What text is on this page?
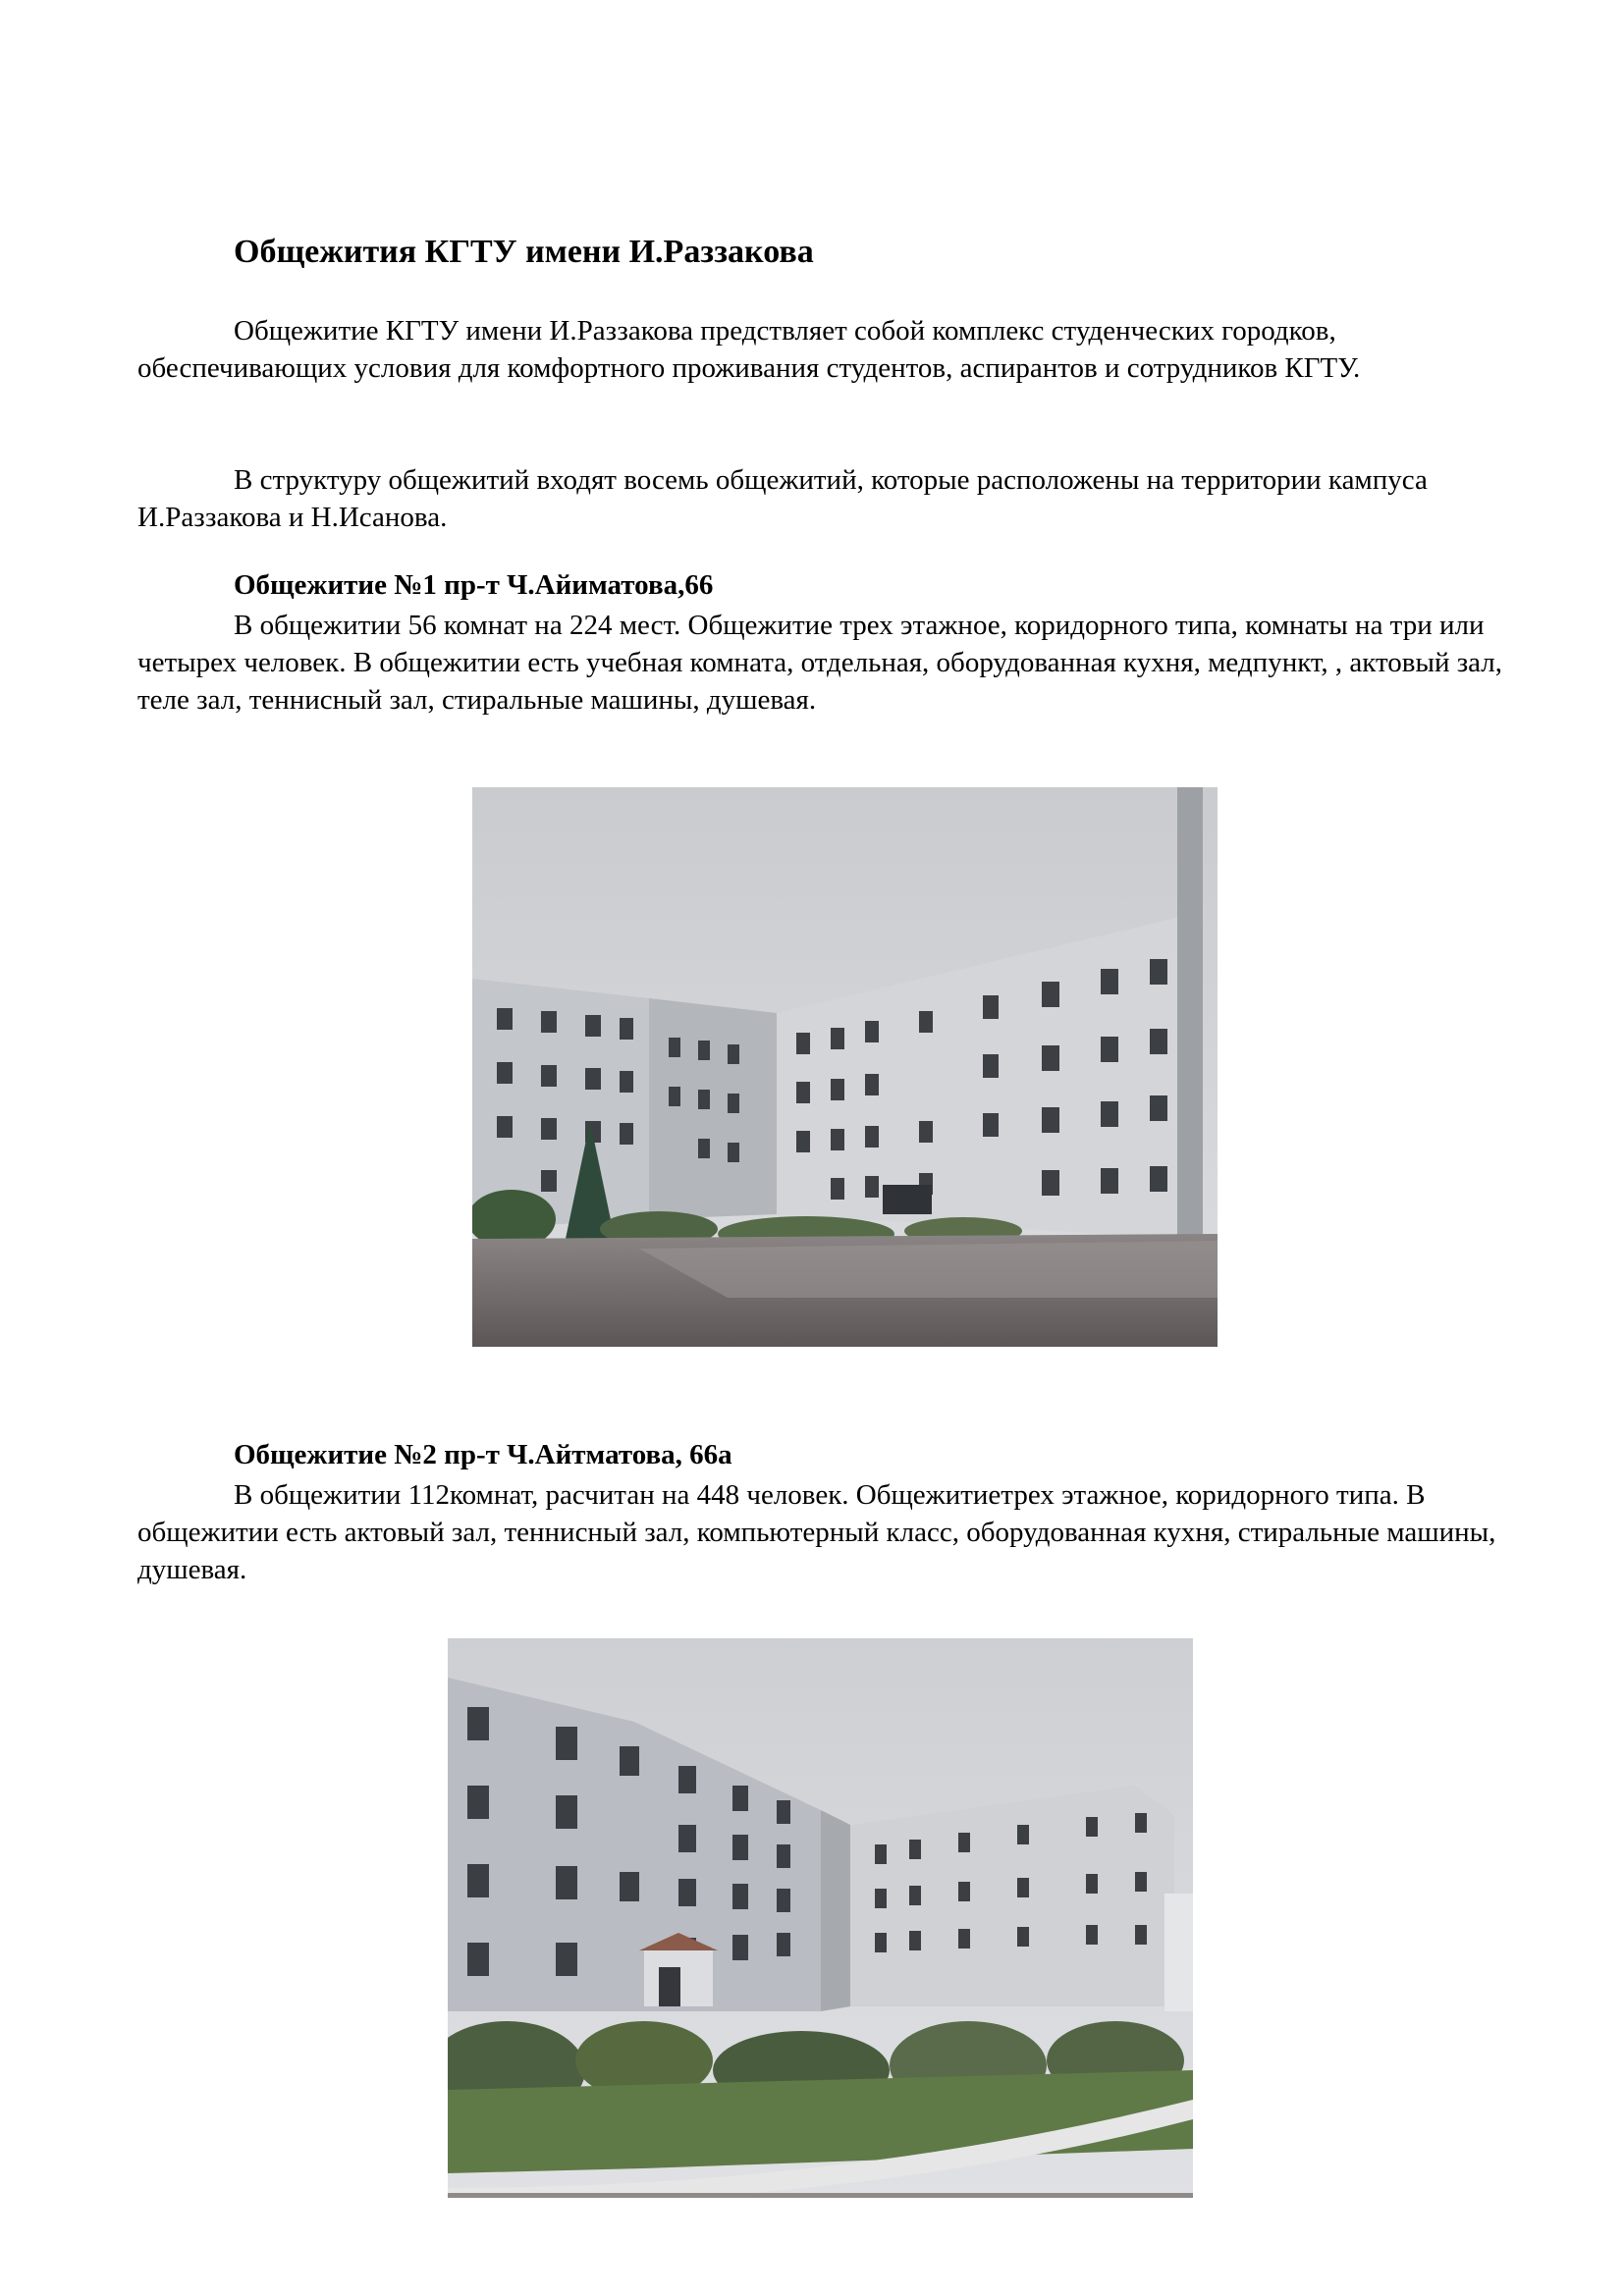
Общежития КГТУ имени И.Раззакова

Общежитие КГТУ имени И.Раззакова предствляет собой комплекс студенческих городков, обеспечивающих условия для комфортного проживания студентов, аспирантов и сотрудников КГТУ.

В структуру общежитий входят восемь общежитий, которые расположены на территории кампуса И.Раззакова и Н.Исанова.

Общежитие №1 пр-т Ч.Айиматова,66

В общежитии 56 комнат на 224 мест. Общежитие трех этажное, коридорного типа, комнаты на три или четырех человек. В общежитии есть учебная комната, отдельная, оборудованная кухня, медпункт, , актовый зал, теле зал, теннисный зал, стиральные машины, душевая.

Общежитие №2 пр-т Ч.Айтматова, 66а

В общежитии 112комнат, расчитан на 448 человек. Общежитиетрех этажное, коридорного типа. В общежитии есть актовый зал, теннисный зал, компьютерный класс, оборудованная кухня, стиральные машины, душевая.
